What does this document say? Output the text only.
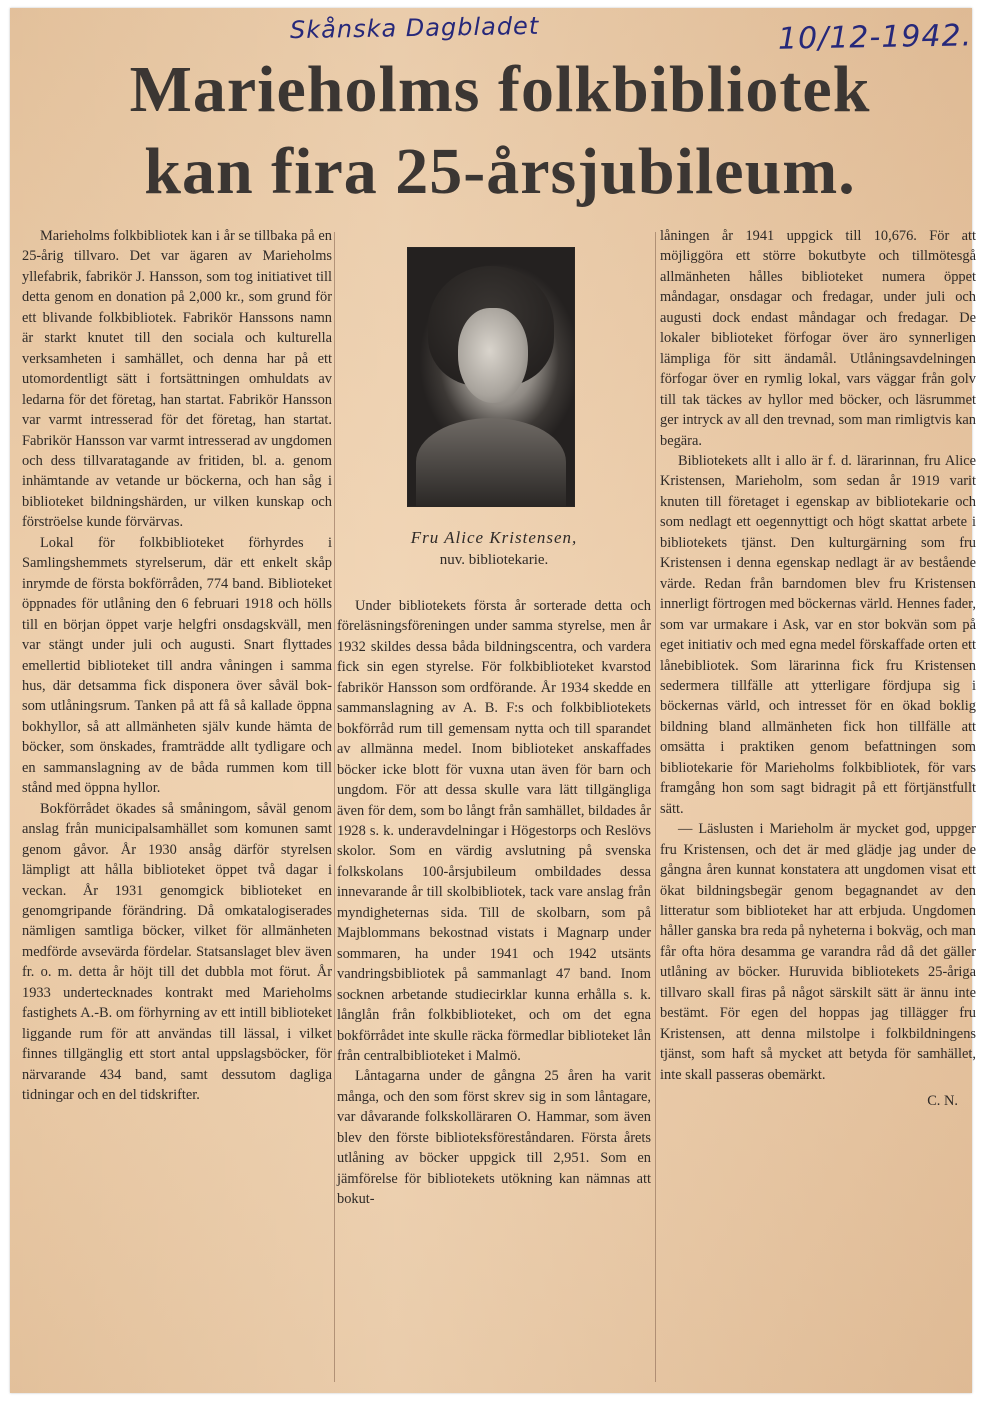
Skånska Dagbladet	10/12-1942.
Marieholms folkbibliotek
kan fira 25-årsjubileum.

Marieholms folkbibliotek kan i år se tillbaka på en 25-årig tillvaro. Det var ägaren av Marieholms yllefabrik, fabrikör J. Hansson, som tog initiativet till detta genom en donation på 2,000 kr., som grund för ett blivande folkbibliotek. Fabrikör Hanssons namn är starkt knutet till den sociala och kulturella verksamheten i samhället, och denna har på ett utomordentligt sätt i fortsättningen omhuldats av ledarna för det företag, han startat. Fabrikör Hansson var varmt intresserad för det företag, han startat. Fabrikör Hansson var varmt intresserad av ungdomen och dess tillvaratagande av fritiden, bl. a. genom inhämtande av vetande ur böckerna, och han såg i biblioteket bildningshärden, ur vilken kunskap och förströelse kunde förvärvas.

Lokal för folkbiblioteket förhyrdes i Samlingshemmets styrelserum, där ett enkelt skåp inrymde de första bokförråden, 774 band. Biblioteket öppnades för utlåning den 6 februari 1918 och hölls till en början öppet varje helgfri onsdagskväll, men var stängt under juli och augusti. Snart flyttades emellertid biblioteket till andra våningen i samma hus, där detsamma fick disponera över såväl bok- som utlåningsrum. Tanken på att få så kallade öppna bokhyllor, så att allmänheten själv kunde hämta de böcker, som önskades, framträdde allt tydligare och en sammanslagning av de båda rummen kom till stånd med öppna hyllor.

Bokförrådet ökades så småningom, såväl genom anslag från municipalsamhället som komunen samt genom gåvor. År 1930 ansåg därför styrelsen lämpligt att hålla biblioteket öppet två dagar i veckan. År 1931 genomgick biblioteket en genomgripande förändring. Då omkatalogiserades nämligen samtliga böcker, vilket för allmänheten medförde avsevärda fördelar. Statsanslaget blev även fr. o. m. detta år höjt till det dubbla mot förut. År 1933 undertecknades kontrakt med Marieholms fastighets A.-B. om förhyrning av ett intill biblioteket liggande rum för att användas till lässal, i vilket finnes tillgänglig ett stort antal uppslagsböcker, för närvarande 434 band, samt dessutom dagliga tidningar och en del tidskrifter.

Fru Alice Kristensen,
nuv. bibliotekarie.

Under bibliotekets första år sorterade detta och föreläsningsföreningen under samma styrelse, men år 1932 skildes dessa båda bildningscentra, och vardera fick sin egen styrelse. För folkbiblioteket kvarstod fabrikör Hansson som ordförande. År 1934 skedde en sammanslagning av A. B. F:s och folkbibliotekets bokförråd rum till gemensam nytta och till sparandet av allmänna medel. Inom biblioteket anskaffades böcker icke blott för vuxna utan även för barn och ungdom. För att dessa skulle vara lätt tillgängliga även för dem, som bo långt från samhället, bildades år 1928 s. k. underavdelningar i Högestorps och Reslövs skolor. Som en värdig avslutning på svenska folkskolans 100-årsjubileum ombildades dessa innevarande år till skolbibliotek, tack vare anslag från myndigheternas sida. Till de skolbarn, som på Majblommans bekostnad vistats i Magnarp under sommaren, ha under 1941 och 1942 utsänts vandringsbibliotek på sammanlagt 47 band. Inom socknen arbetande studiecirklar kunna erhålla s. k. långlån från folkbiblioteket, och om det egna bokförrådet inte skulle räcka förmedlar biblioteket lån från centralbiblioteket i Malmö.

Låntagarna under de gångna 25 åren ha varit många, och den som först skrev sig in som låntagare, var dåvarande folkskolläraren O. Hammar, som även blev den förste biblioteksföreståndaren. Första årets utlåning av böcker uppgick till 2,951. Som en jämförelse för bibliotekets utökning kan nämnas att bokut-

låningen år 1941 uppgick till 10,676. För att möjliggöra ett större bokutbyte och tillmötesgå allmänheten hålles biblioteket numera öppet måndagar, onsdagar och fredagar, under juli och augusti dock endast måndagar och fredagar. De lokaler biblioteket förfogar över äro synnerligen lämpliga för sitt ändamål. Utlåningsavdelningen förfogar över en rymlig lokal, vars väggar från golv till tak täckes av hyllor med böcker, och läsrummet ger intryck av all den trevnad, som man rimligtvis kan begära.

Bibliotekets allt i allo är f. d. lärarinnan, fru Alice Kristensen, Marieholm, som sedan år 1919 varit knuten till företaget i egenskap av bibliotekarie och som nedlagt ett oegennyttigt och högt skattat arbete i bibliotekets tjänst. Den kulturgärning som fru Kristensen i denna egenskap nedlagt är av bestående värde. Redan från barndomen blev fru Kristensen innerligt förtrogen med böckernas värld. Hennes fader, som var urmakare i Ask, var en stor bokvän som på eget initiativ och med egna medel förskaffade orten ett lånebibliotek. Som lärarinna fick fru Kristensen sedermera tillfälle att ytterligare fördjupa sig i böckernas värld, och intresset för en ökad boklig bildning bland allmänheten fick hon tillfälle att omsätta i praktiken genom befattningen som bibliotekarie för Marieholms folkbibliotek, för vars framgång hon som sagt bidragit på ett förtjänstfullt sätt.

— Läslusten i Marieholm är mycket god, uppger fru Kristensen, och det är med glädje jag under de gångna åren kunnat konstatera att ungdomen visat ett ökat bildningsbegär genom begagnandet av den litteratur som biblioteket har att erbjuda. Ungdomen håller ganska bra reda på nyheterna i bokväg, och man får ofta höra desamma ge varandra råd då det gäller utlåning av böcker. Huruvida bibliotekets 25-åriga tillvaro skall firas på något särskilt sätt är ännu inte bestämt. För egen del hoppas jag tillägger fru Kristensen, att denna milstolpe i folkbildningens tjänst, som haft så mycket att betyda för samhället, inte skall passeras obemärkt.

C. N.
